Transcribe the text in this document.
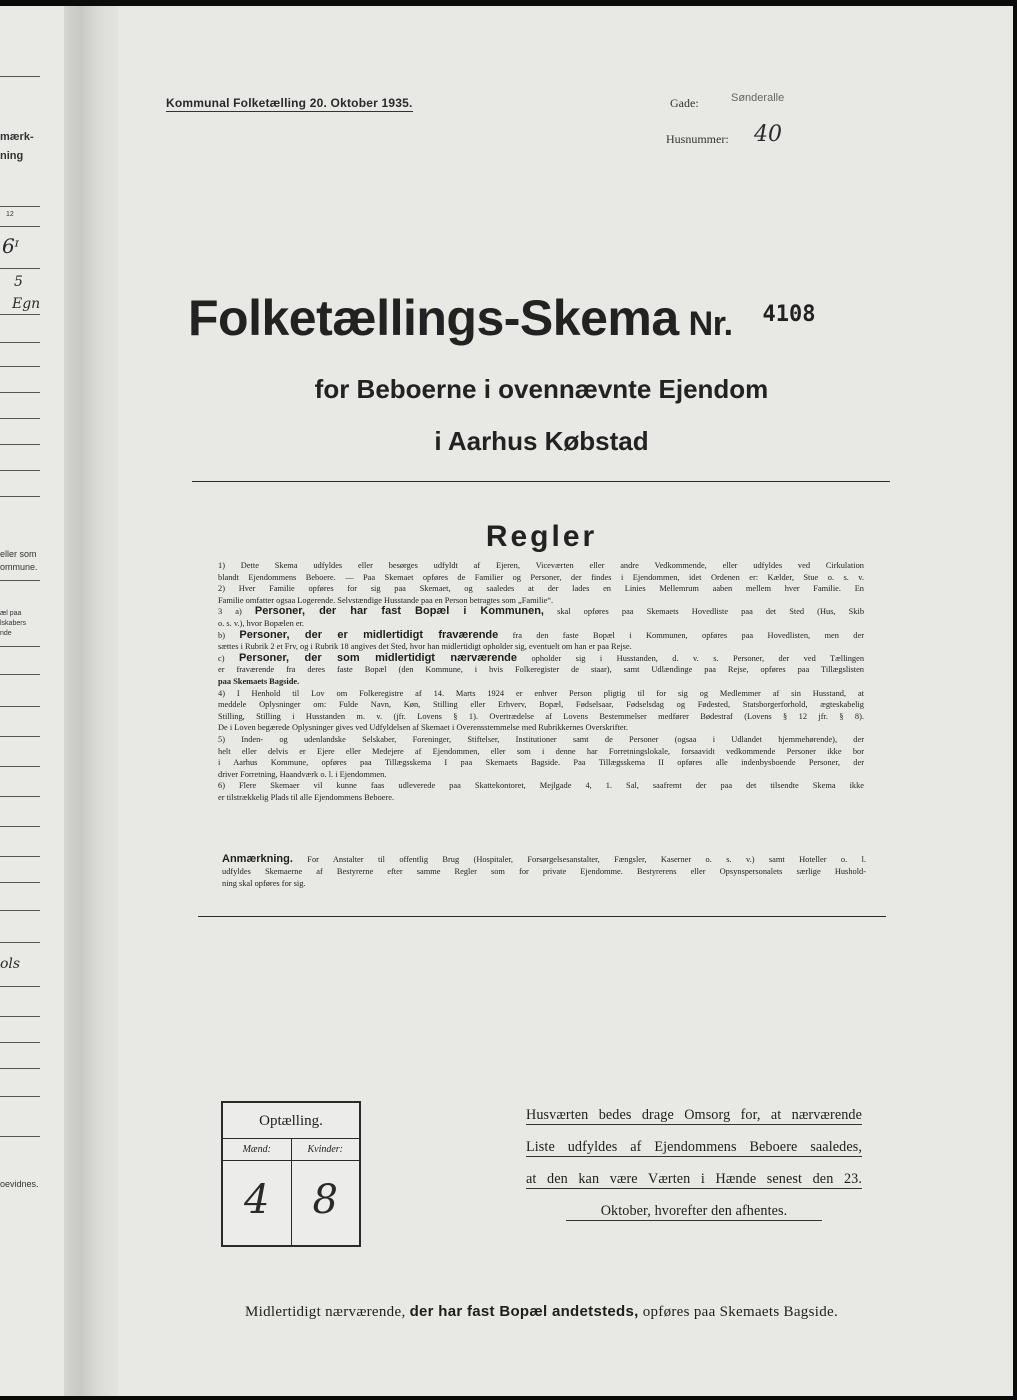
mærk-
ning
12
6ᶦ
5
Egn
eller som
ommune.
æl paa
lskabers
nde
ols
oevidnes.
Kommunal Folketælling 20. Oktober 1935.	Gade:	Sønderalle
Husnummer: 40
Folketællings-Skema Nr. $^{4108}$
for Beboerne i ovennævnte Ejendom
i Aarhus Købstad
Regler
1) Dette Skema udfyldes eller besørges udfyldt af Ejeren, Viceværten eller andre Vedkommende, eller udfyldes ved Cirkulation
blandt Ejendommens Beboere. — Paa Skemaet opføres de Familier og Personer, der findes i Ejendommen, idet Ordenen er: Kælder, Stue o. s. v.
2) Hver Familie opføres for sig paa Skemaet, og saaledes at der lades en Linies Mellemrum aaben mellem hver Familie. En
Familie omfatter ogsaa Logerende. Selvstændige Husstande paa en Person betragtes som „Familie“.
3 a) Personer, der har fast Bopæl i Kommunen, skal opføres paa Skemaets Hovedliste paa det Sted (Hus, Skib
o. s. v.), hvor Bopælen er.
b) Personer, der er midlertidigt fraværende fra den faste Bopæl i Kommunen, opføres paa Hovedlisten, men der
sættes i Rubrik 2 et Frv, og i Rubrik 18 angives det Sted, hvor han midlertidigt opholder sig, eventuelt om han er paa Rejse.
c) Personer, der som midlertidigt nærværende opholder sig i Husstanden, d. v. s. Personer, der ved Tællingen
er fraværende fra deres faste Bopæl (den Kommune, i hvis Folkeregister de staar), samt Udlændinge paa Rejse, opføres paa Tillægslisten
paa Skemaets Bagside.
4) I Henhold til Lov om Folkeregistre af 14. Marts 1924 er enhver Person pligtig til for sig og Medlemmer af sin Husstand, at
meddele Oplysninger om: Fulde Navn, Køn, Stilling eller Erhverv, Bopæl, Fødselsaar, Fødselsdag og Fødested, Statsborgerforhold, ægteskabelig
Stilling, Stilling i Husstanden m. v. (jfr. Lovens § 1). Overtrædelse af Lovens Bestemmelser medfører Bødestraf (Lovens § 12 jfr. § 8).
De i Loven begærede Oplysninger gives ved Udfyldelsen af Skemaet i Overensstemmelse med Rubrikkernes Overskrifter.
5) Inden- og udenlandske Selskaber, Foreninger, Stiftelser, Institutioner samt de Personer (ogsaa i Udlandet hjemmehørende), der
helt eller delvis er Ejere eller Medejere af Ejendommen, eller som i denne har Forretningslokale, forsaavidt vedkommende Personer ikke bor
i Aarhus Kommune, opføres paa Tillægsskema I paa Skemaets Bagside. Paa Tillægsskema II opføres alle indenbysboende Personer, der
driver Forretning, Haandværk o. l. i Ejendommen.
6) Flere Skemaer vil kunne faas udleverede paa Skattekontoret, Mejlgade 4, 1. Sal, saafremt der paa det tilsendte Skema ikke
er tilstrækkelig Plads til alle Ejendommens Beboere.
Anmærkning. For Anstalter til offentlig Brug (Hospitaler, Forsørgelsesanstalter, Fængsler, Kaserner o. s. v.) samt Hoteller o. l.
udfyldes Skemaerne af Bestyrerne efter samme Regler som for private Ejendomme. Bestyrerens eller Opsynspersonalets særlige Hushold-
ning skal opføres for sig.
Optælling.
Mænd:
4
Kvinder:
8
Husværten bedes drage Omsorg for, at nærværende
Liste udfyldes af Ejendommens Beboere saaledes,
at den kan være Værten i Hænde senest den 23.
Oktober, hvorefter den afhentes.
Midlertidigt nærværende, der har fast Bopæl andetsteds, opføres paa Skemaets Bagside.
